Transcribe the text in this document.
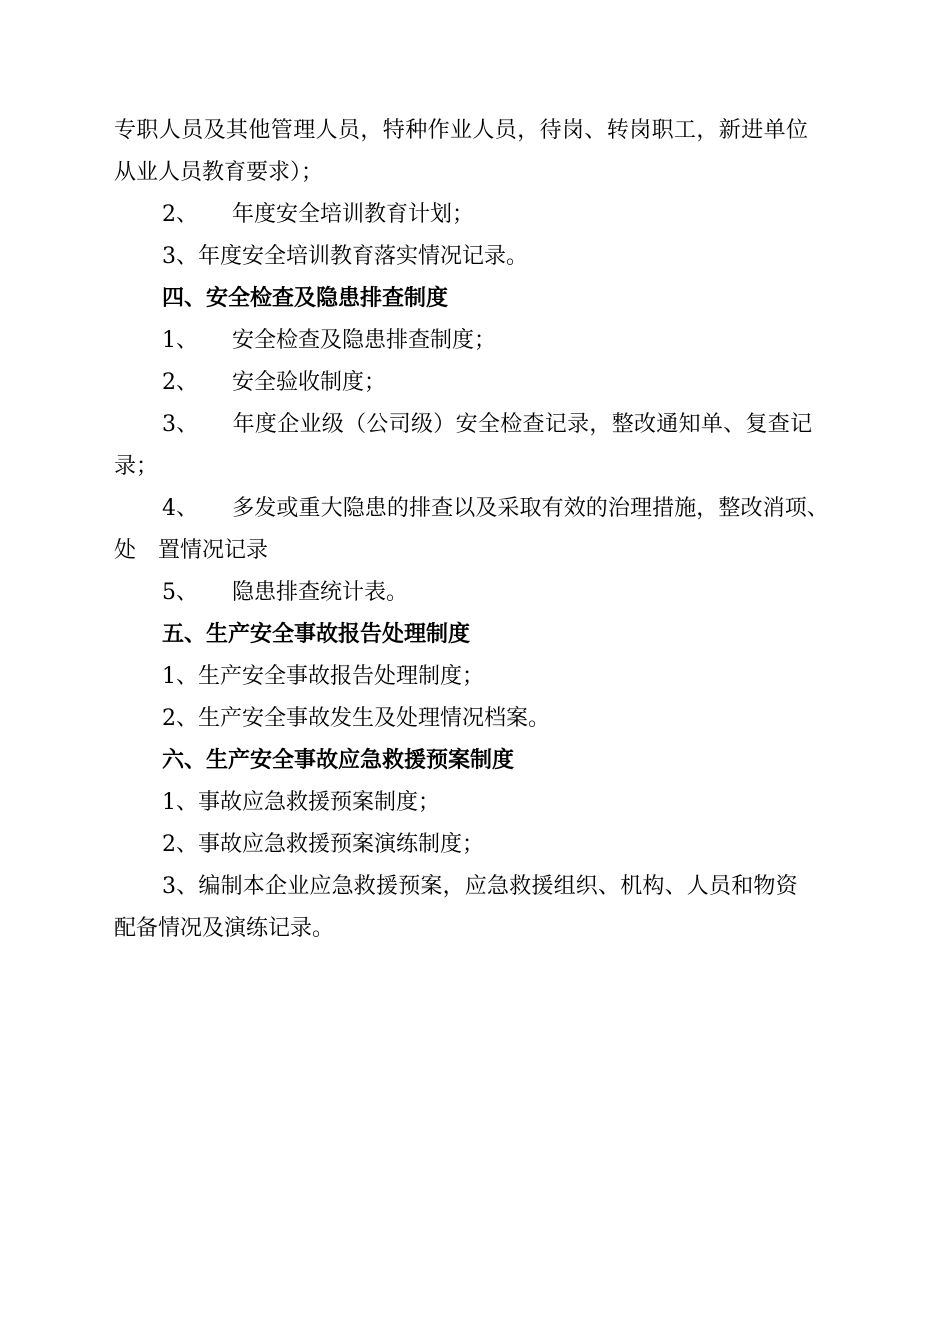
专职人员及其他管理人员，特种作业人员，待岗、转岗职工，新进单位
从业人员教育要求）；
2、 年度安全培训教育计划；
3、年度安全培训教育落实情况记录。
四、安全检查及隐患排查制度
1、 安全检查及隐患排查制度；
2、 安全验收制度；
3、 年度企业级（公司级）安全检查记录，整改通知单、复查记
录；
4、 多发或重大隐患的排查以及采取有效的治理措施，整改消项、
处 置情况记录
5、 隐患排查统计表。
五、生产安全事故报告处理制度
1、生产安全事故报告处理制度；
2、生产安全事故发生及处理情况档案。
六、生产安全事故应急救援预案制度
1、事故应急救援预案制度；
2、事故应急救援预案演练制度；
3、编制本企业应急救援预案，应急救援组织、机构、人员和物资
配备情况及演练记录。
